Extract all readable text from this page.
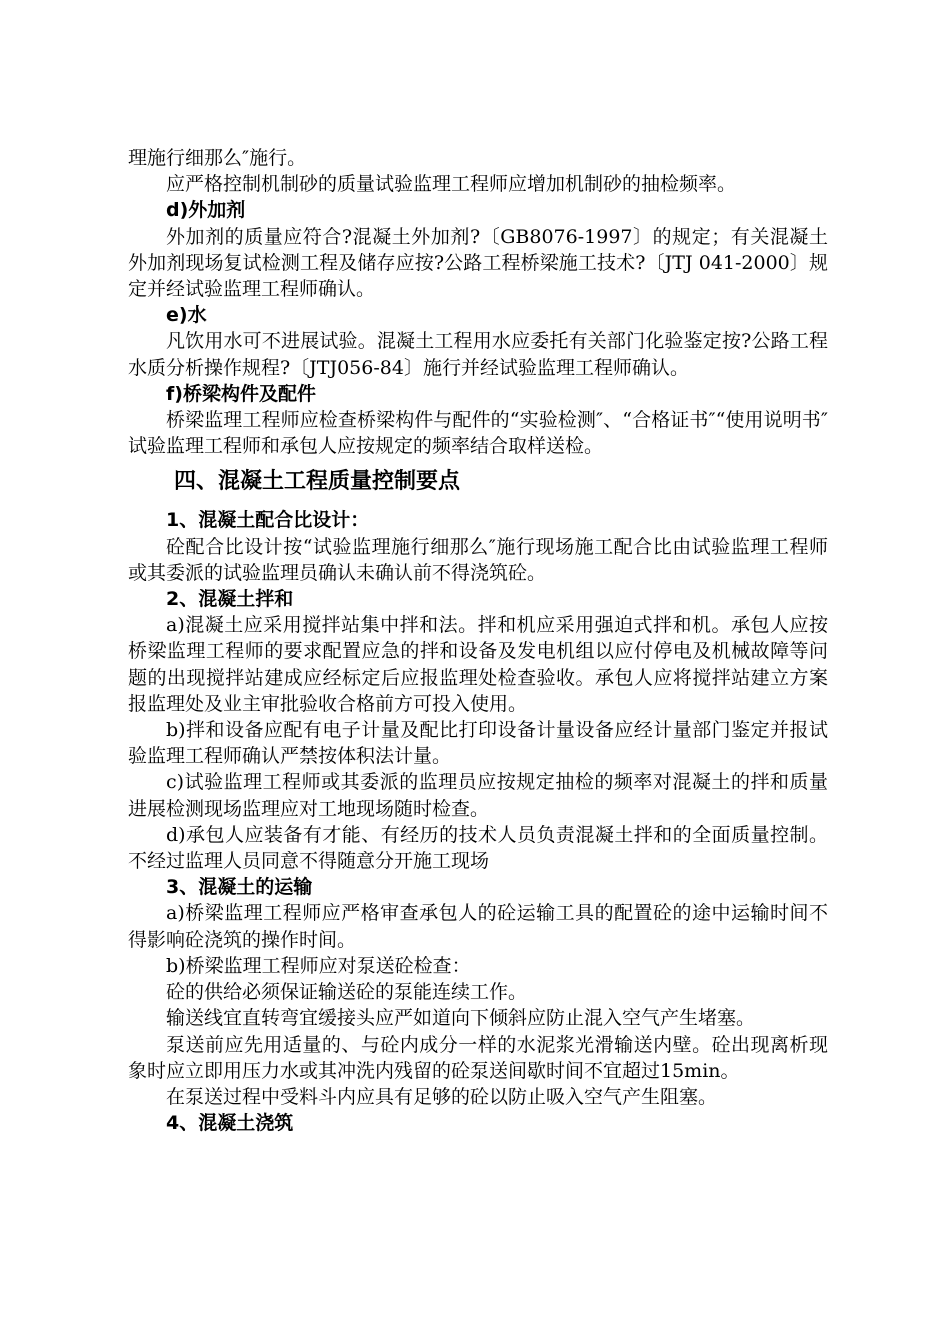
理施行细那么″施行。
应严格控制机制砂的质量试验监理工程师应增加机制砂的抽检频率。
d)外加剂
外加剂的质量应符合?混凝土外加剂?〔GB8076-1997〕的规定；有关混凝土外加剂现场复试检测工程及储存应按?公路工程桥梁施工技术?〔JTJ 041-2000〕规定并经试验监理工程师确认。
e)水
凡饮用水可不进展试验。混凝土工程用水应委托有关部门化验鉴定按?公路工程水质分析操作规程?〔JTJ056-84〕施行并经试验监理工程师确认。
f)桥梁构件及配件
桥梁监理工程师应检查桥梁构件与配件的“实验检测″、“合格证书″“使用说明书″试验监理工程师和承包人应按规定的频率结合取样送检。
四、混凝土工程质量控制要点
1、混凝土配合比设计：
砼配合比设计按“试验监理施行细那么″施行现场施工配合比由试验监理工程师或其委派的试验监理员确认未确认前不得浇筑砼。
2、混凝土拌和
a)混凝土应采用搅拌站集中拌和法。拌和机应采用强迫式拌和机。承包人应按桥梁监理工程师的要求配置应急的拌和设备及发电机组以应付停电及机械故障等问题的出现搅拌站建成应经标定后应报监理处检查验收。承包人应将搅拌站建立方案报监理处及业主审批验收合格前方可投入使用。
b)拌和设备应配有电子计量及配比打印设备计量设备应经计量部门鉴定并报试验监理工程师确认严禁按体积法计量。
c)试验监理工程师或其委派的监理员应按规定抽检的频率对混凝土的拌和质量进展检测现场监理应对工地现场随时检查。
d)承包人应装备有才能、有经历的技术人员负责混凝土拌和的全面质量控制。不经过监理人员同意不得随意分开施工现场
3、混凝土的运输
a)桥梁监理工程师应严格审查承包人的砼运输工具的配置砼的途中运输时间不得影响砼浇筑的操作时间。
b)桥梁监理工程师应对泵送砼检查：
砼的供给必须保证输送砼的泵能连续工作。
输送线宜直转弯宜缓接头应严如道向下倾斜应防止混入空气产生堵塞。
泵送前应先用适量的、与砼内成分一样的水泥浆光滑输送内壁。砼出现离析现象时应立即用压力水或其冲洗内残留的砼泵送间歇时间不宜超过15min。
在泵送过程中受料斗内应具有足够的砼以防止吸入空气产生阻塞。
4、混凝土浇筑
